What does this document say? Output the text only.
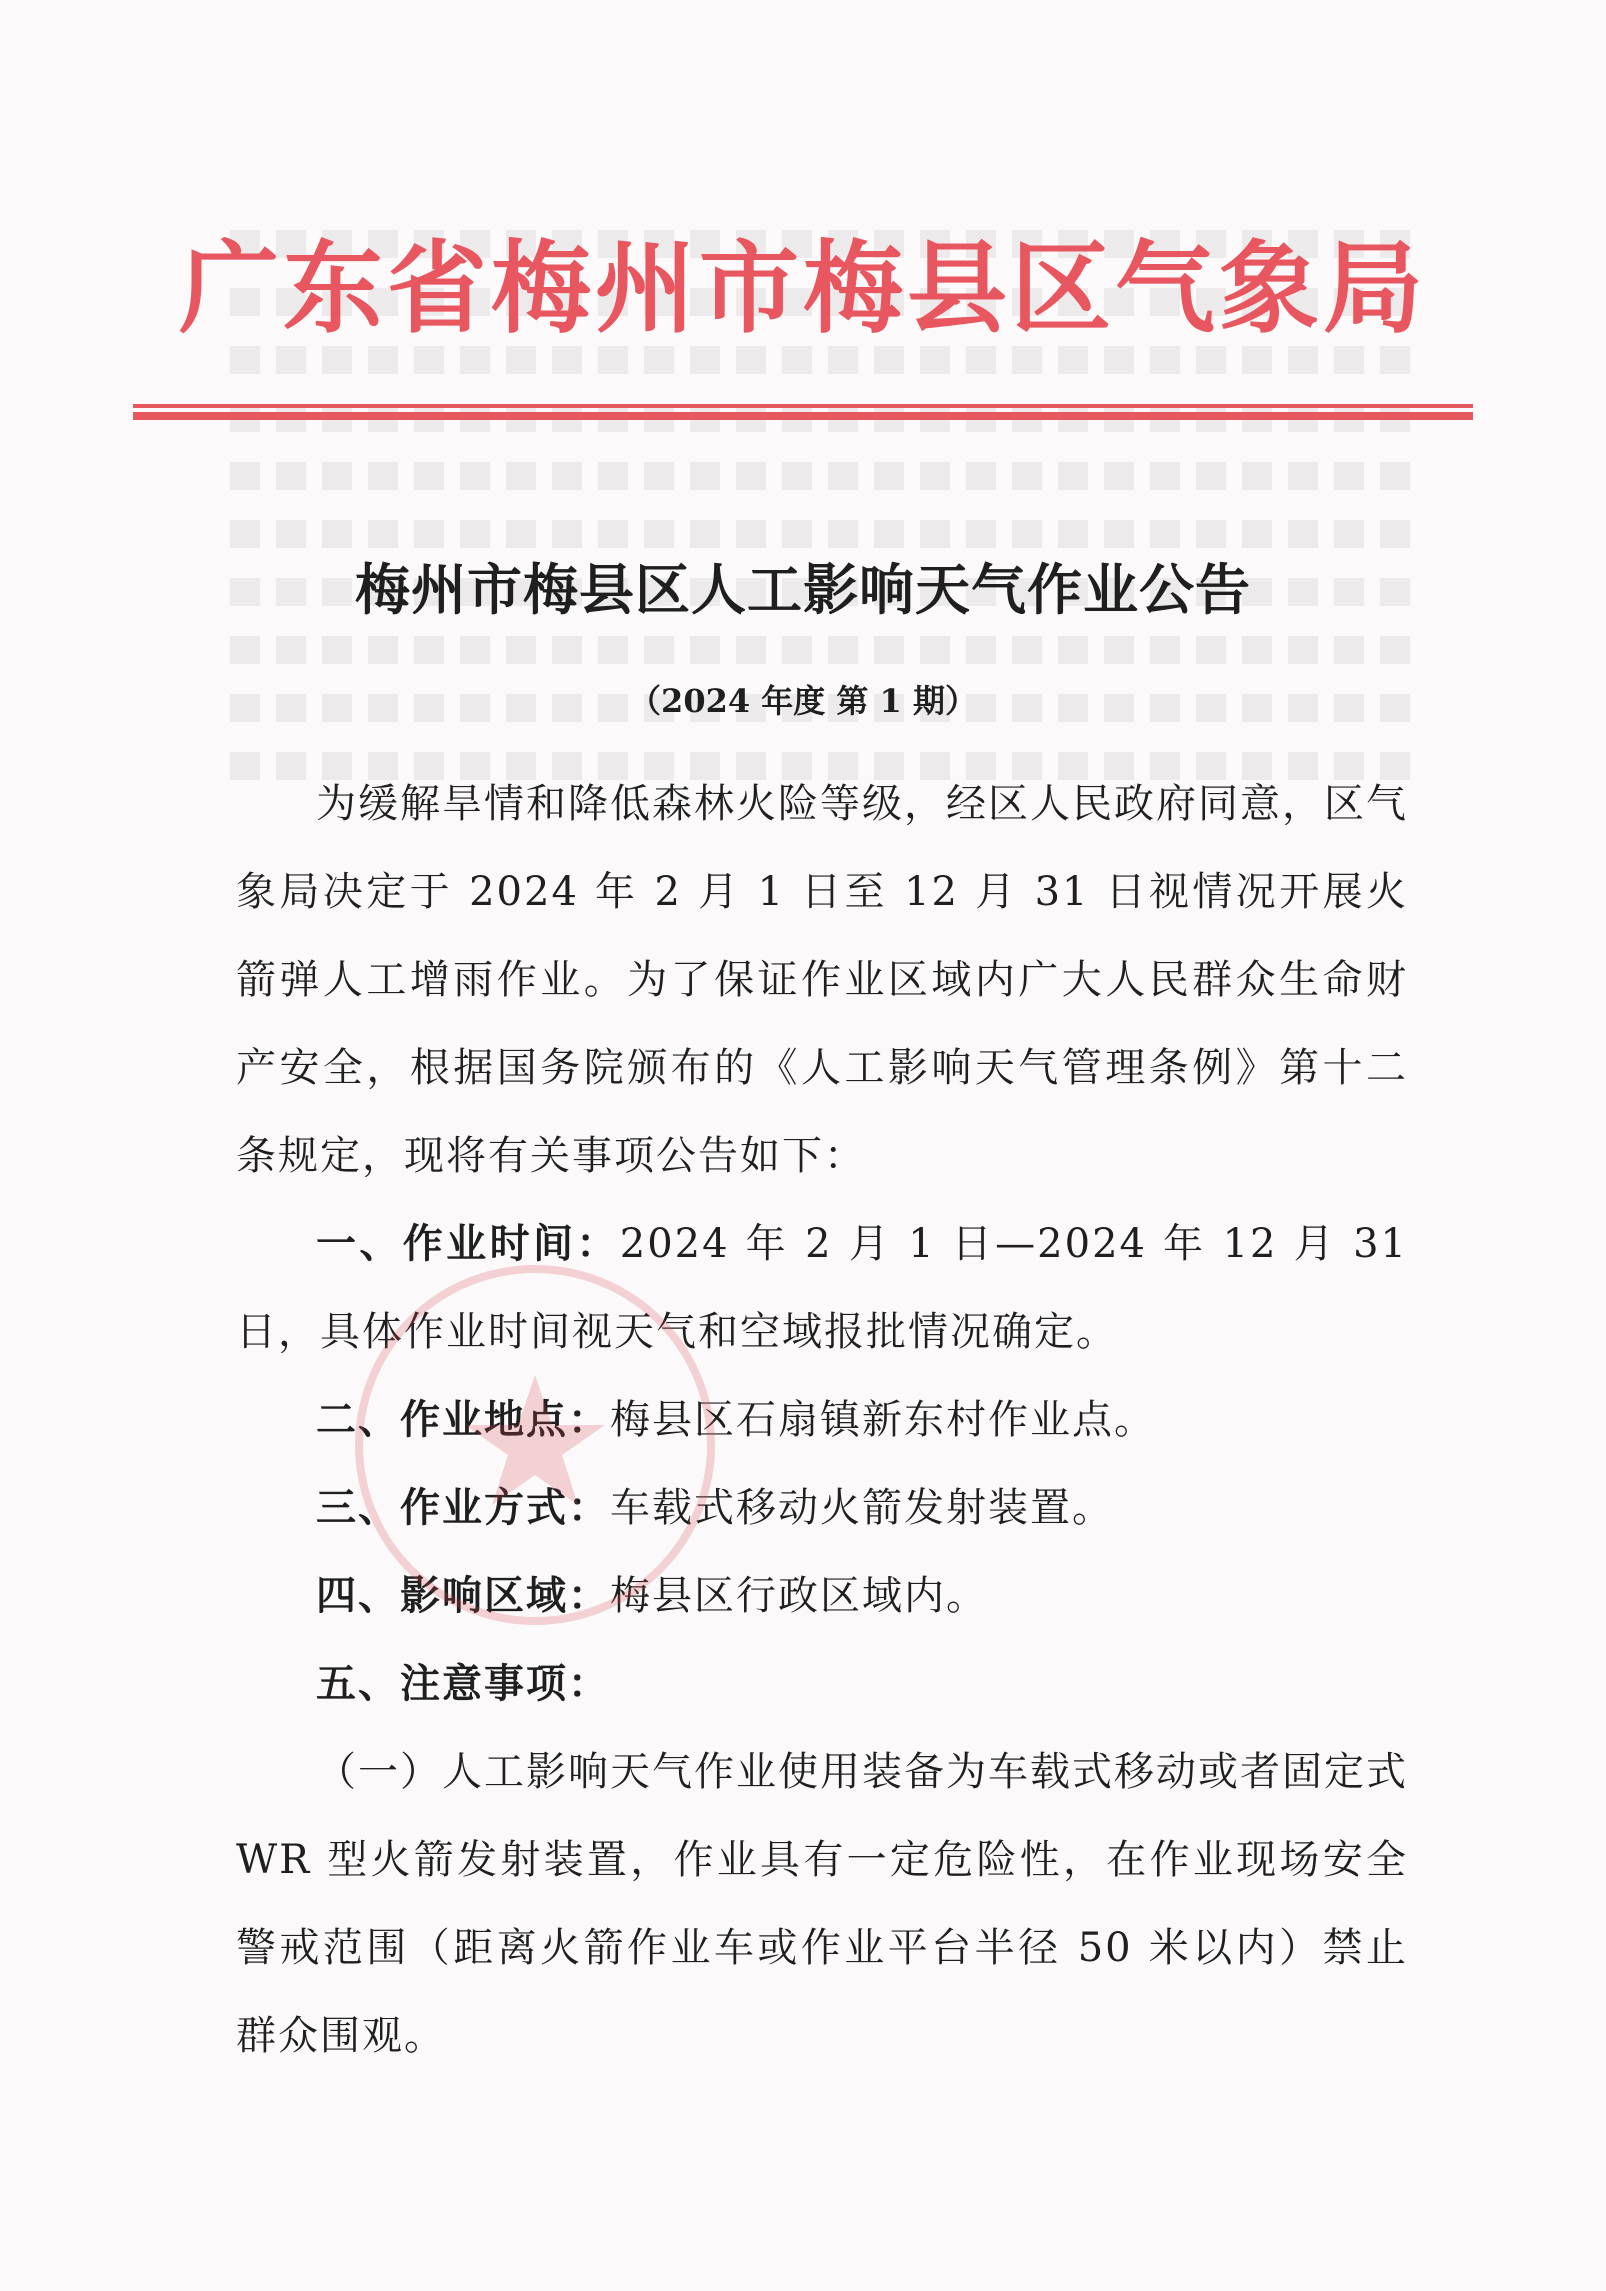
广东省梅州市梅县区气象局
梅州市梅县区人工影响天气作业公告
（2024 年度 第 1 期）

为缓解旱情和降低森林火险等级，经区人民政府同意，区气象局决定于 2024 年 2 月 1 日至 12 月 31 日视情况开展火箭弹人工增雨作业。为了保证作业区域内广大人民群众生命财产安全，根据国务院颁布的《人工影响天气管理条例》第十二条规定，现将有关事项公告如下：

一、作业时间：2024 年 2 月 1 日—2024 年 12 月 31 日，具体作业时间视天气和空域报批情况确定。

二、作业地点：梅县区石扇镇新东村作业点。

三、作业方式：车载式移动火箭发射装置。

四、影响区域：梅县区行政区域内。

五、注意事项：

（一）人工影响天气作业使用装备为车载式移动或者固定式 WR 型火箭发射装置，作业具有一定危险性，在作业现场安全警戒范围（距离火箭作业车或作业平台半径 50 米以内）禁止群众围观。
